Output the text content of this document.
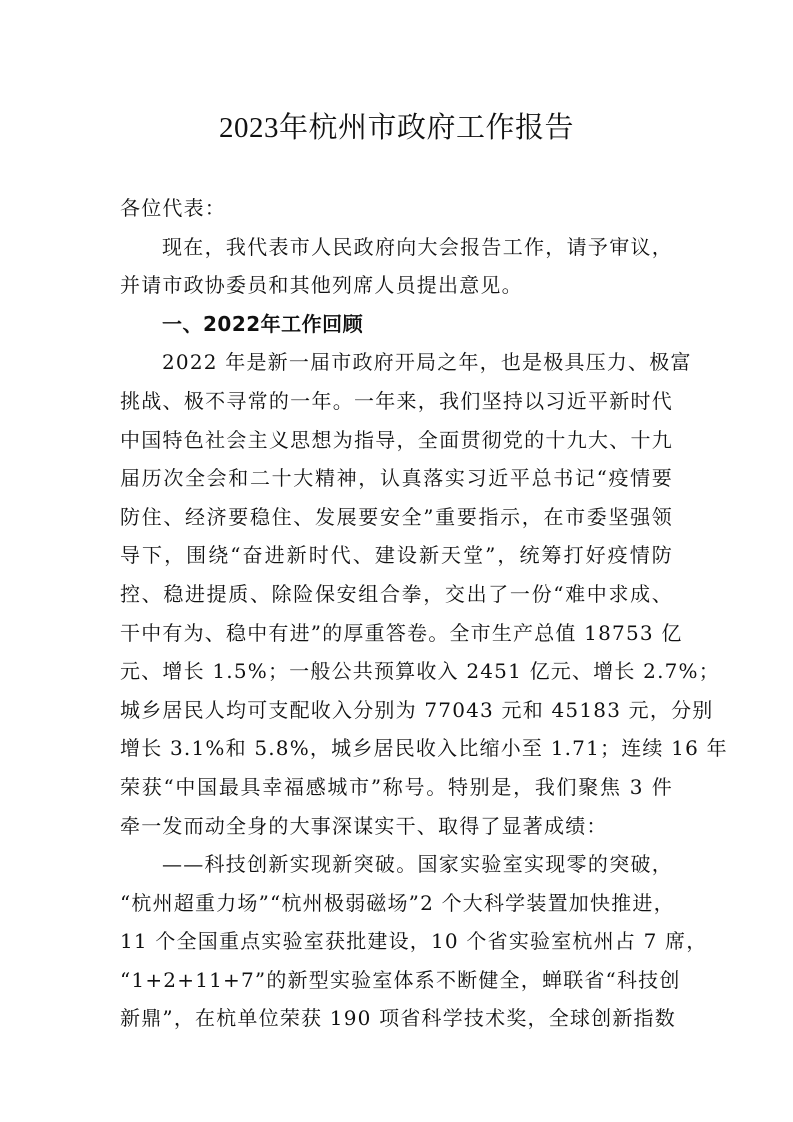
2023年杭州市政府工作报告

各位代表：

现在，我代表市人民政府向大会报告工作，请予审议，
并请市政协委员和其他列席人员提出意见。

一、2022年工作回顾

2022 年是新一届市政府开局之年，也是极具压力、极富
挑战、极不寻常的一年。一年来，我们坚持以习近平新时代
中国特色社会主义思想为指导，全面贯彻党的十九大、十九
届历次全会和二十大精神，认真落实习近平总书记“疫情要
防住、经济要稳住、发展要安全”重要指示，在市委坚强领
导下，围绕“奋进新时代、建设新天堂”，统筹打好疫情防
控、稳进提质、除险保安组合拳，交出了一份“难中求成、
干中有为、稳中有进”的厚重答卷。全市生产总值 18753 亿
元、增长 1.5%；一般公共预算收入 2451 亿元、增长 2.7%；
城乡居民人均可支配收入分别为 77043 元和 45183 元，分别
增长 3.1%和 5.8%，城乡居民收入比缩小至 1.71；连续 16 年
荣获“中国最具幸福感城市”称号。特别是，我们聚焦 3 件
牵一发而动全身的大事深谋实干、取得了显著成绩：

——科技创新实现新突破。国家实验室实现零的突破，
“杭州超重力场”“杭州极弱磁场”2 个大科学装置加快推进，
11 个全国重点实验室获批建设，10 个省实验室杭州占 7 席，
“1+2+11+7”的新型实验室体系不断健全，蝉联省“科技创
新鼎”，在杭单位荣获 190 项省科学技术奖，全球创新指数
